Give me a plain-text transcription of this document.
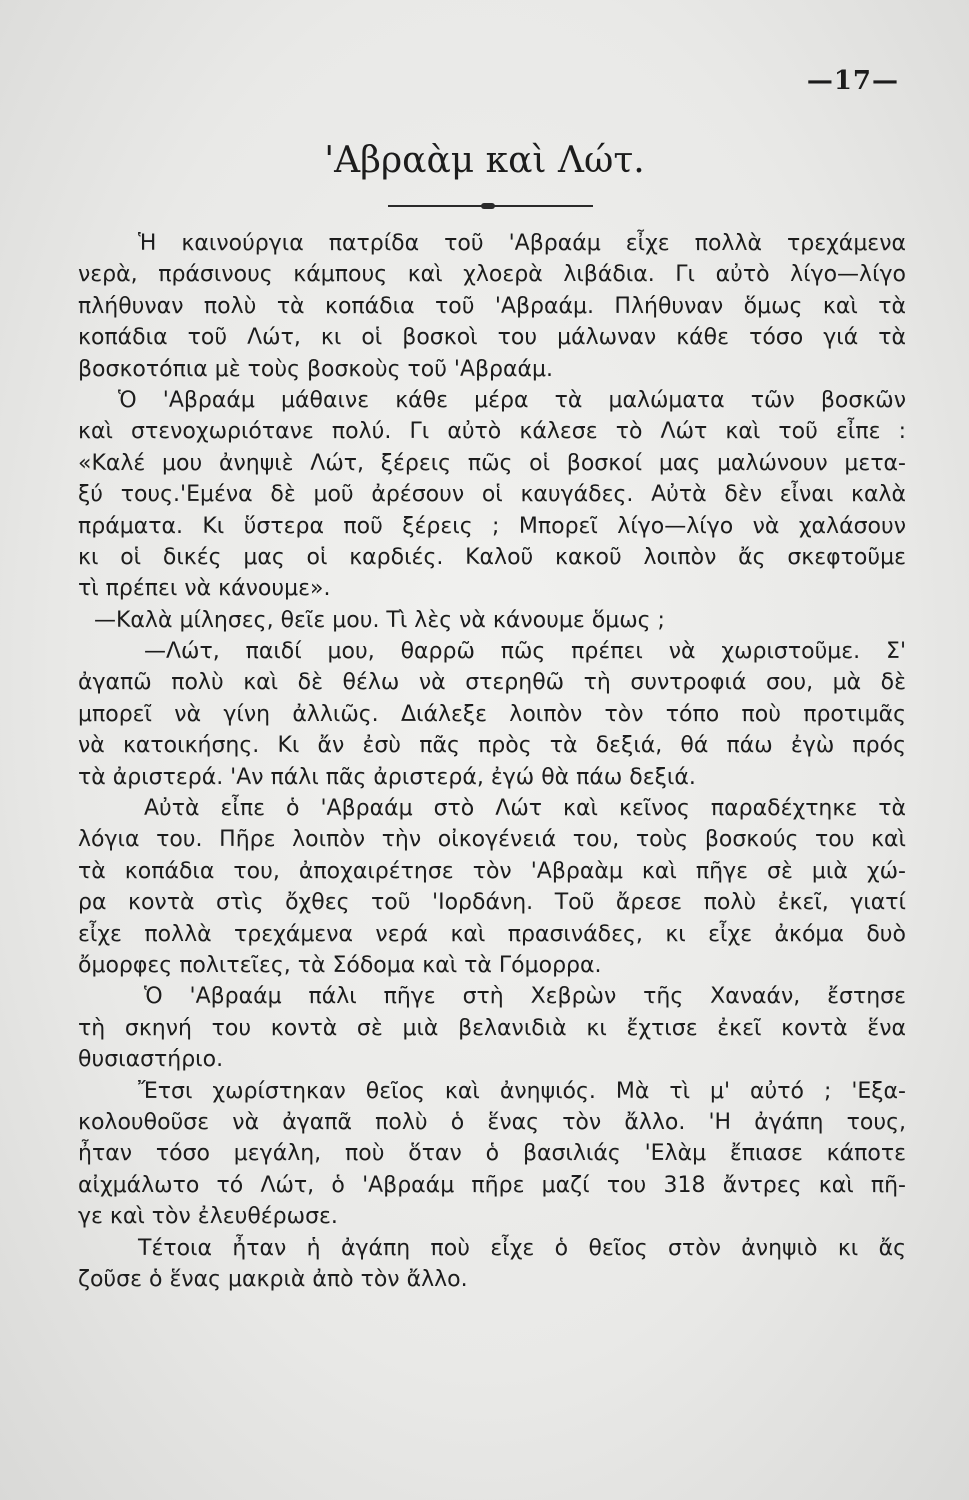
—17—
'Αβραὰμ καὶ Λώτ.
Ἡ καινούργια πατρίδα τοῦ 'Αβραάμ εἶχε πολλὰ τρεχάμενα
νερὰ, πράσινους κάμπους καὶ χλοερὰ λιβάδια. Γι αὐτὸ λίγο—λίγο
πλήθυναν πολὺ τὰ κοπάδια τοῦ 'Αβραάμ. Πλήθυναν ὅμως καὶ τὰ
κοπάδια τοῦ Λώτ, κι οἱ βοσκοὶ του μάλωναν κάθε τόσο γιά τὰ
βοσκοτόπια μὲ τοὺς βοσκοὺς τοῦ 'Αβραάμ.
Ὁ 'Αβραάμ μάθαινε κάθε μέρα τὰ μαλώματα τῶν βοσκῶν
καὶ στενοχωριότανε πολύ. Γι αὐτὸ κάλεσε τὸ Λώτ καὶ τοῦ εἶπε :
«Καλέ μου ἀνηψιὲ Λώτ, ξέρεις πῶς οἱ βοσκοί μας μαλώνουν μετα-
ξύ τους.'Εμένα δὲ μοῦ ἀρέσουν οἱ καυγάδες. Αὐτὰ δὲν εἶναι καλὰ
πράματα. Κι ὕστερα ποῦ ξέρεις ; Μπορεῖ λίγο—λίγο νὰ χαλάσουν
κι οἱ δικές μας οἱ καρδιές. Καλοῦ κακοῦ λοιπὸν ἄς σκεφτοῦμε
τὶ πρέπει νὰ κάνουμε».
—Καλὰ μίλησες, θεῖε μου. Τὶ λὲς νὰ κάνουμε ὅμως ;
—Λώτ, παιδί μου, θαρρῶ πῶς πρέπει νὰ χωριστοῦμε. Σ'
ἀγαπῶ πολὺ καὶ δὲ θέλω νὰ στερηθῶ τὴ συντροφιά σου, μὰ δὲ
μπορεῖ νὰ γίνη ἀλλιῶς. Διάλεξε λοιπὸν τὸν τόπο ποὺ προτιμᾶς
νὰ κατοικήσης. Κι ἄν ἐσὺ πᾶς πρὸς τὰ δεξιά, θά πάω ἐγὼ πρός
τὰ ἀριστερά. 'Αν πάλι πᾶς ἀριστερά, ἐγώ θὰ πάω δεξιά.
Αὐτὰ εἶπε ὁ 'Αβραάμ στὸ Λώτ καὶ κεῖνος παραδέχτηκε τὰ
λόγια του. Πῆρε λοιπὸν τὴν οἰκογένειά του, τοὺς βοσκούς του καὶ
τὰ κοπάδια του, ἀποχαιρέτησε τὸν 'Αβραὰμ καὶ πῆγε σὲ μιὰ χώ-
ρα κοντὰ στὶς ὄχθες τοῦ 'Ιορδάνη. Τοῦ ἄρεσε πολὺ ἐκεῖ, γιατί
εἶχε πολλὰ τρεχάμενα νερά καὶ πρασινάδες, κι εἶχε ἀκόμα δυὸ
ὄμορφες πολιτεῖες, τὰ Σόδομα καὶ τὰ Γόμορρα.
Ὁ 'Αβραάμ πάλι πῆγε στὴ Χεβρὼν τῆς Χαναάν, ἔστησε
τὴ σκηνή του κοντὰ σὲ μιὰ βελανιδιὰ κι ἔχτισε ἐκεῖ κοντὰ ἕνα
θυσιαστήριο.
Ἔτσι χωρίστηκαν θεῖος καὶ ἀνηψιός. Μὰ τὶ μ' αὐτό ; 'Εξα-
κολουθοῦσε νὰ ἀγαπᾶ πολὺ ὁ ἕνας τὸν ἄλλο. 'Η ἀγάπη τους,
ἦταν τόσο μεγάλη, ποὺ ὅταν ὁ βασιλιάς 'Ελὰμ ἔπιασε κάποτε
αἰχμάλωτο τό Λώτ, ὁ 'Αβραάμ πῆρε μαζί του 318 ἄντρες καὶ πῆ-
γε καὶ τὸν ἐλευθέρωσε.
Τέτοια ἦταν ἡ ἀγάπη ποὺ εἶχε ὁ θεῖος στὸν ἀνηψιὸ κι ἄς
ζοῦσε ὁ ἕνας μακριὰ ἀπὸ τὸν ἄλλο.
